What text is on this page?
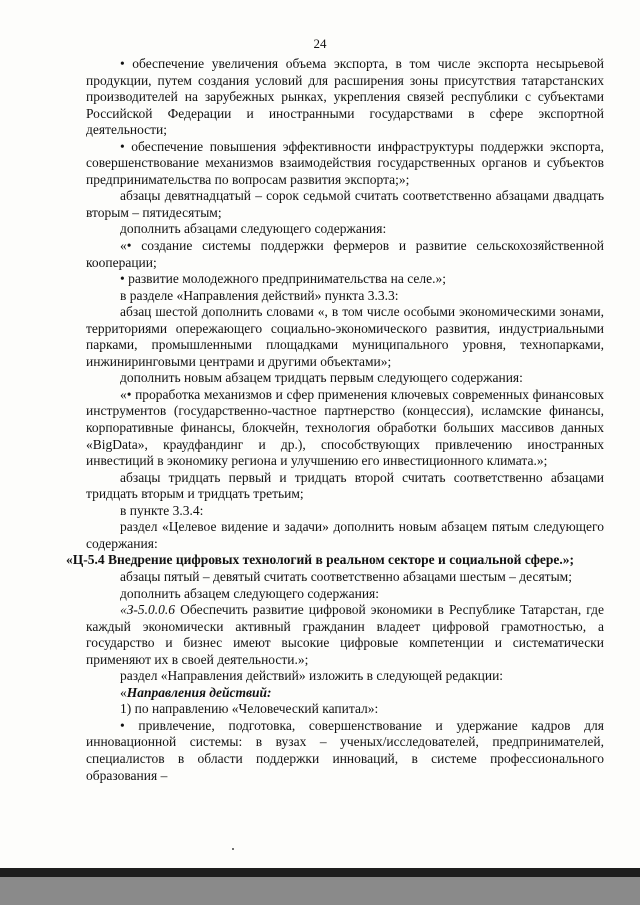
24

• обеспечение увеличения объема экспорта, в том числе экспорта несырьевой продукции, путем создания условий для расширения зоны присутствия татарстанских производителей на зарубежных рынках, укрепления связей республики с субъектами Российской Федерации и иностранными государствами в сфере экспортной деятельности;

• обеспечение повышения эффективности инфраструктуры поддержки экспорта, совершенствование механизмов взаимодействия государственных органов и субъектов предпринимательства по вопросам развития экспорта;»;

абзацы девятнадцатый – сорок седьмой считать соответственно абзацами двадцать вторым – пятидесятым;

дополнить абзацами следующего содержания:

«• создание системы поддержки фермеров и развитие сельскохозяйственной кооперации;

• развитие молодежного предпринимательства на селе.»;

в разделе «Направления действий» пункта 3.3.3:

абзац шестой дополнить словами «, в том числе особыми экономическими зонами, территориями опережающего социально-экономического развития, индустриальными парками, промышленными площадками муниципального уровня, технопарками, инжиниринговыми центрами и другими объектами»;

дополнить новым абзацем тридцать первым следующего содержания:

«• проработка механизмов и сфер применения ключевых современных финансовых инструментов (государственно-частное партнерство (концессия), исламские финансы, корпоративные финансы, блокчейн, технология обработки больших массивов данных «BigData», краудфандинг и др.), способствующих привлечению иностранных инвестиций в экономику региона и улучшению его инвестиционного климата.»;

абзацы тридцать первый и тридцать второй считать соответственно абзацами тридцать вторым и тридцать третьим;

в пункте 3.3.4:

раздел «Целевое видение и задачи» дополнить новым абзацем пятым следующего содержания:

«Ц-5.4 Внедрение цифровых технологий в реальном секторе и социальной сфере.»;

абзацы пятый – девятый считать соответственно абзацами шестым – десятым;

дополнить абзацем следующего содержания:

«З-5.0.0.6 Обеспечить развитие цифровой экономики в Республике Татарстан, где каждый экономически активный гражданин владеет цифровой грамотностью, а государство и бизнес имеют высокие цифровые компетенции и систематически применяют их в своей деятельности.»;

раздел «Направления действий» изложить в следующей редакции:

«Направления действий:

1) по направлению «Человеческий капитал»:

• привлечение, подготовка, совершенствование и удержание кадров для инновационной системы: в вузах – ученых/исследователей, предпринимателей, специалистов в области поддержки инноваций, в системе профессионального образования –
